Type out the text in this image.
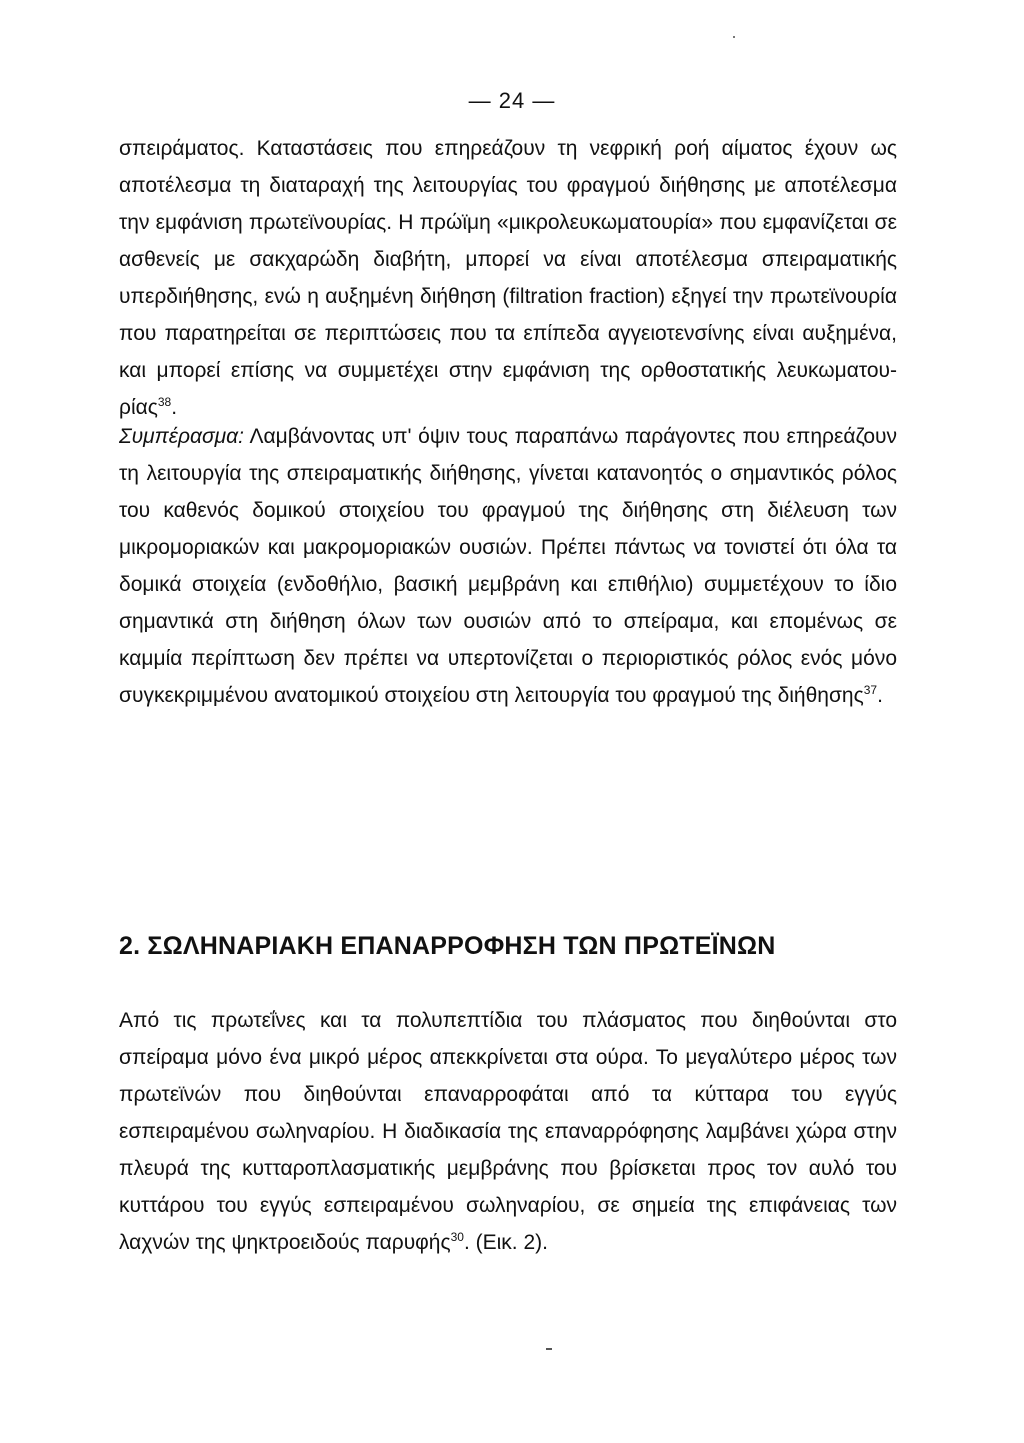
— 24 —

σπειράματος. Καταστάσεις που επηρεάζουν τη νεφρική ροή αίματος έχουν ως αποτέλεσμα τη διαταραχή της λειτουργίας του φραγμού διήθησης με αποτέλεσμα την εμφάνιση πρωτεϊνουρίας. Η πρώϊμη «μικρολευκωματουρία» που εμφανίζεται σε ασθενείς με σακχαρώδη διαβήτη, μπορεί να είναι αποτέλεσμα σπειραματικής υπερδιήθησης, ενώ η αυξημένη διήθηση (filtration fraction) εξηγεί την πρωτεϊνουρία που παρατηρείται σε περιπτώσεις που τα επίπεδα αγγειοτενσίνης είναι αυξημένα, και μπορεί επίσης να συμμετέχει στην εμφάνιση της ορθοστατικής λευκωματου-ρίας$^{38}$.

Συμπέρασμα: Λαμβάνοντας υπ' όψιν τους παραπάνω παράγοντες που επηρεάζουν τη λειτουργία της σπειραματικής διήθησης, γίνεται κατανοητός ο σημαντικός ρόλος του καθενός δομικού στοιχείου του φραγμού της διήθησης στη διέλευση των μικρομοριακών και μακρομοριακών ουσιών. Πρέπει πάντως να τονιστεί ότι όλα τα δομικά στοιχεία (ενδοθήλιο, βασική μεμβράνη και επιθήλιο) συμμετέχουν το ίδιο σημαντικά στη διήθηση όλων των ουσιών από το σπείραμα, και επομένως σε καμμία περίπτωση δεν πρέπει να υπερτονίζεται ο περιοριστικός ρόλος ενός μόνο συγκεκριμμένου ανατομικού στοιχείου στη λειτουργία του φραγμού της διήθησης$^{37}$.

2. ΣΩΛΗΝΑΡΙΑΚΗ ΕΠΑΝΑΡΡΟΦΗΣΗ ΤΩΝ ΠΡΩΤΕΪΝΩΝ

Από τις πρωτεΐνες και τα πολυπεπτίδια του πλάσματος που διηθούνται στο σπείραμα μόνο ένα μικρό μέρος απεκκρίνεται στα ούρα. Το μεγαλύτερο μέρος των πρωτεϊνών που διηθούνται επαναρροφάται από τα κύτταρα του εγγύς εσπειραμένου σωληναρίου. Η διαδικασία της επαναρρόφησης λαμβάνει χώρα στην πλευρά της κυτταροπλασματικής μεμβράνης που βρίσκεται προς τον αυλό του κυττάρου του εγγύς εσπειραμένου σωληναρίου, σε σημεία της επιφάνειας των λαχνών της ψηκτροειδούς παρυφής$^{30}$. (Εικ. 2).
